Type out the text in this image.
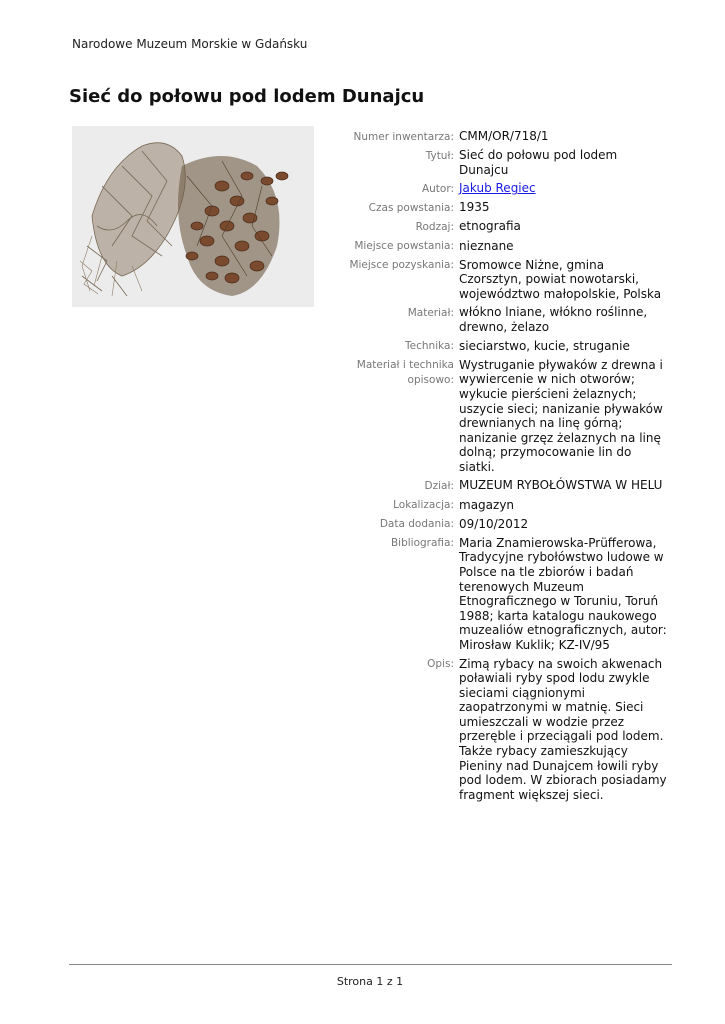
Narodowe Muzeum Morskie w Gdańsku
Sieć do połowu pod lodem Dunajcu
Numer inwentarza: CMM/OR/718/1
Tytuł: Sieć do połowu pod lodem Dunajcu
Autor: Jakub Regiec
Czas powstania: 1935
Rodzaj: etnografia
Miejsce powstania: nieznane
Miejsce pozyskania: Sromowce Niżne, gmina Czorsztyn, powiat nowotarski, województwo małopolskie, Polska
Materiał: włókno lniane, włókno roślinne, drewno, żelazo
Technika: sieciarstwo, kucie, struganie
Materiał i technika opisowo:
Wystruganie pływaków z drewna i wywiercenie w nich otworów; wykucie pierścieni żelaznych; uszycie sieci; nanizanie pływaków drewnianych na linę górną; nanizanie grzęz żelaznych na linę dolną; przymocowanie lin do siatki.
Dział: MUZEUM RYBOŁÓWSTWA W HELU
Lokalizacja: magazyn
Data dodania: 09/10/2012
Bibliografia: Maria Znamierowska-Prüfferowa, Tradycyjne rybołówstwo ludowe w Polsce na tle zbiorów i badań terenowych Muzeum Etnograficznego w Toruniu, Toruń 1988; karta katalogu naukowego muzealiów etnograficznych, autor: Mirosław Kuklik; KZ-IV/95
Opis: Zimą rybacy na swoich akwenach poławiali ryby spod lodu zwykle sieciami ciągnionymi zaopatrzonymi w matnię. Sieci umieszczali w wodzie przez przeręble i przeciągali pod lodem. Także rybacy zamieszkujący Pieniny nad Dunajcem łowili ryby pod lodem. W zbiorach posiadamy fragment większej sieci.
Strona 1 z 1
